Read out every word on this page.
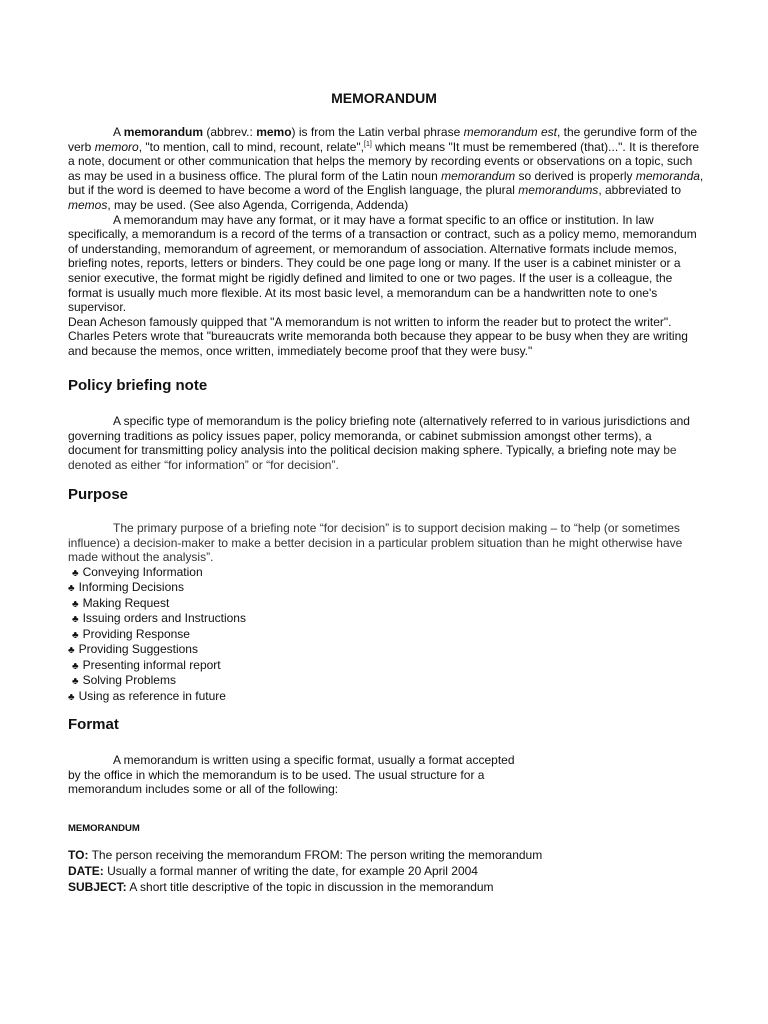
MEMORANDUM

A memorandum (abbrev.: memo) is from the Latin verbal phrase memorandum est, the gerundive form of the verb memoro, "to mention, call to mind, recount, relate",[1] which means "It must be remembered (that)...". It is therefore a note, document or other communication that helps the memory by recording events or observations on a topic, such as may be used in a business office. The plural form of the Latin noun memorandum so derived is properly memoranda, but if the word is deemed to have become a word of the English language, the plural memorandums, abbreviated to memos, may be used. (See also Agenda, Corrigenda, Addenda)

A memorandum may have any format, or it may have a format specific to an office or institution. In law specifically, a memorandum is a record of the terms of a transaction or contract, such as a policy memo, memorandum of understanding, memorandum of agreement, or memorandum of association. Alternative formats include memos, briefing notes, reports, letters or binders. They could be one page long or many. If the user is a cabinet minister or a senior executive, the format might be rigidly defined and limited to one or two pages. If the user is a colleague, the format is usually much more flexible. At its most basic level, a memorandum can be a handwritten note to one's supervisor.

Dean Acheson famously quipped that "A memorandum is not written to inform the reader but to protect the writer". Charles Peters wrote that "bureaucrats write memoranda both because they appear to be busy when they are writing and because the memos, once written, immediately become proof that they were busy."

Policy briefing note

A specific type of memorandum is the policy briefing note (alternatively referred to in various jurisdictions and governing traditions as policy issues paper, policy memoranda, or cabinet submission amongst other terms), a document for transmitting policy analysis into the political decision making sphere. Typically, a briefing note may be denoted as either “for information” or “for decision”.

Purpose

The primary purpose of a briefing note “for decision” is to support decision making – to “help (or sometimes influence) a decision-maker to make a better decision in a particular problem situation than he might otherwise have made without the analysis”.

♣ Conveying Information
♣ Informing Decisions
♣ Making Request
♣ Issuing orders and Instructions
♣ Providing Response
♣ Providing Suggestions
♣ Presenting informal report
♣ Solving Problems
♣ Using as reference in future
Format

A memorandum is written using a specific format, usually a format accepted

by the office in which the memorandum is to be used. The usual structure for a

memorandum includes some or all of the following:

MEMORANDUM
TO: The person receiving the memorandum FROM: The person writing the memorandum
DATE: Usually a formal manner of writing the date, for example 20 April 2004
SUBJECT: A short title descriptive of the topic in discussion in the memorandum
